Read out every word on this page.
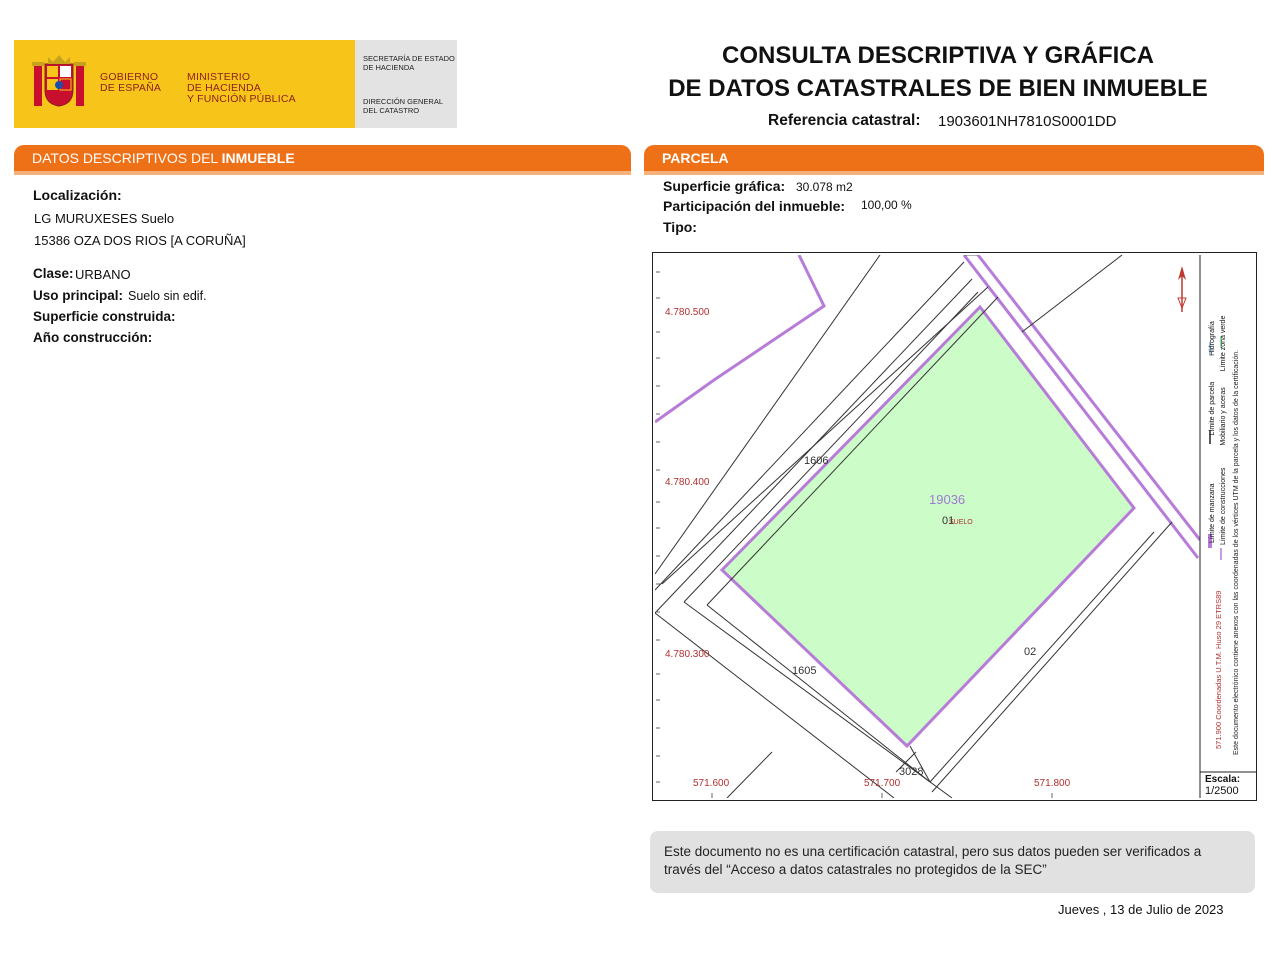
GOBIERNO
DE ESPAÑA
MINISTERIO
DE HACIENDA
Y FUNCIÓN PÚBLICA
SECRETARÍA DE ESTADO
DE HACIENDA
DIRECCIÓN GENERAL
DEL CATASTRO
CONSULTA DESCRIPTIVA Y GRÁFICA
DE DATOS CATASTRALES DE BIEN INMUEBLE
Referencia catastral: 1903601NH7810S0001DD
DATOS DESCRIPTIVOS DEL INMUEBLE
Localización:
LG MURUXESES Suelo
15386 OZA DOS RIOS [A CORUÑA]
Clase: URBANO
Uso principal: Suelo sin edif.
Superficie construida:
Año construcción:
PARCELA
Superficie gráfica: 30.078 m2
Participación del inmueble: 100,00 %
Tipo:
4.780.500
4.780.400
4.780.300
571.600	571.700	571.800
1606
1605
02
3028
19036
01
SUELO	Límite de manzana Límite de parcela Hidrografía
Límite de construcciones Mobiliario y aceras Límite zona verde
571.900 Coordenadas U.T.M. Huso 29 ETRS89 Este documento electrónico contiene anexos con las coordenadas de los vértices UTM de la parcela y los datos de la certificación.
Escala:
1/2500
Este documento no es una certificación catastral, pero sus datos pueden ser verificados a través del “Acceso a datos catastrales no protegidos de la SEC”
Jueves , 13 de Julio de 2023
